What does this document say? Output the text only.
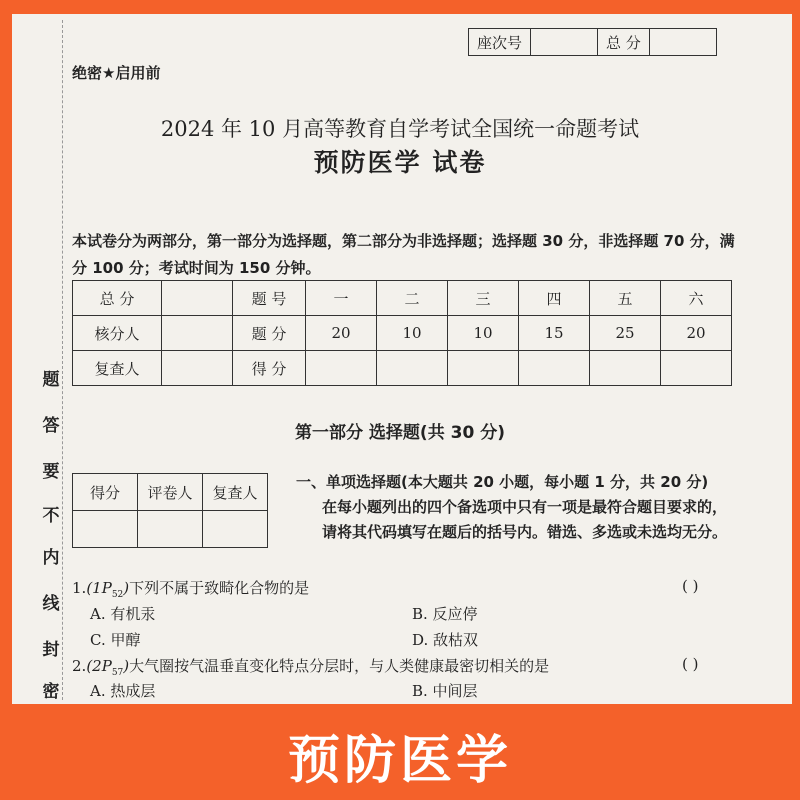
座次号		总 分	
绝密★启用前
2024 年 10 月高等教育自学考试全国统一命题考试
预防医学 试卷
本试卷分为两部分，第一部分为选择题，第二部分为非选择题；选择题 30 分，非选择题 70 分，满分 100 分；考试时间为 150 分钟。
总 分		题 号	一	二	三	四	五	六
核分人		题 分	20	10	10	15	25	20
复查人		得 分						
第一部分 选择题(共 30 分)
得分	评卷人	复查人

一、单项选择题(本大题共 20 小题，每小题 1 分，共 20 分)
在每小题列出的四个备选项中只有一项是最符合题目要求的，请将其代码填写在题后的括号内。错选、多选或未选均无分。
$1.(1P_{52})$下列不属于致畸化合物的是	( )
A. 有机汞	B. 反应停
C. 甲醇	D. 敌枯双
$2.(2P_{57})$大气圈按气温垂直变化特点分层时，与人类健康最密切相关的是	( )
A. 热成层	B. 中间层
题
答
要
不
内
线
封
密
预防医学
